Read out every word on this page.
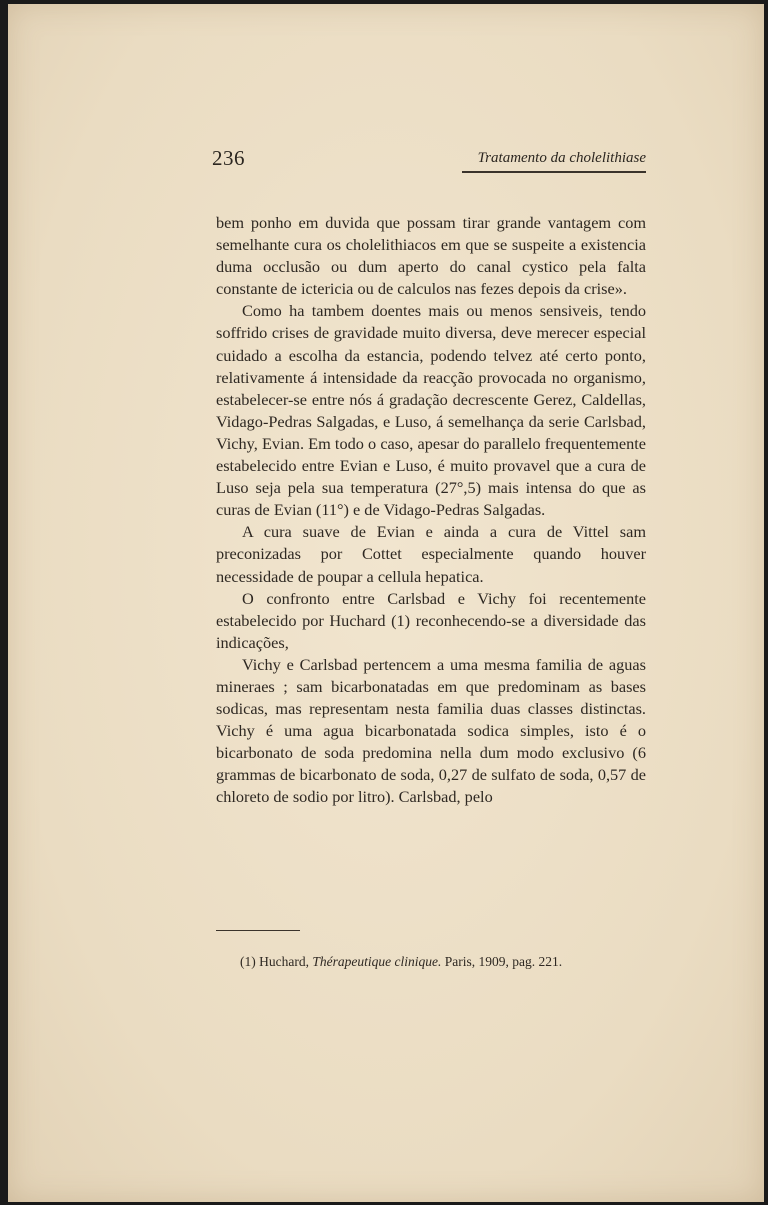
236	Tratamento da cholelithiase

bem ponho em duvida que possam tirar grande vantagem com semelhante cura os cholelithiacos em que se suspeite a existencia duma occlusão ou dum aperto do canal cystico pela falta constante de ictericia ou de calculos nas fezes depois da crise».

Como ha tambem doentes mais ou menos sensiveis, tendo soffrido crises de gravidade muito diversa, deve merecer especial cuidado a escolha da estancia, podendo telvez até certo ponto, relativamente á intensidade da reacção provocada no organismo, estabelecer-se entre nós á gradação decrescente Gerez, Caldellas, Vidago-Pedras Salgadas, e Luso, á semelhança da serie Carlsbad, Vichy, Evian. Em todo o caso, apesar do parallelo frequentemente estabelecido entre Evian e Luso, é muito provavel que a cura de Luso seja pela sua temperatura (27°,5) mais intensa do que as curas de Evian (11°) e de Vidago-Pedras Salgadas.

A cura suave de Evian e ainda a cura de Vittel sam preconizadas por Cottet especialmente quando houver necessidade de poupar a cellula hepatica.

O confronto entre Carlsbad e Vichy foi recentemente estabelecido por Huchard (1) reconhecendo-se a diversidade das indicações,

Vichy e Carlsbad pertencem a uma mesma familia de aguas mineraes ; sam bicarbonatadas em que predominam as bases sodicas, mas representam nesta familia duas classes distinctas. Vichy é uma agua bicarbonatada sodica simples, isto é o bicarbonato de soda predomina nella dum modo exclusivo (6 grammas de bicarbonato de soda, 0,27 de sulfato de soda, 0,57 de chloreto de sodio por litro). Carlsbad, pelo

(1) Huchard, Thérapeutique clinique. Paris, 1909, pag. 221.
